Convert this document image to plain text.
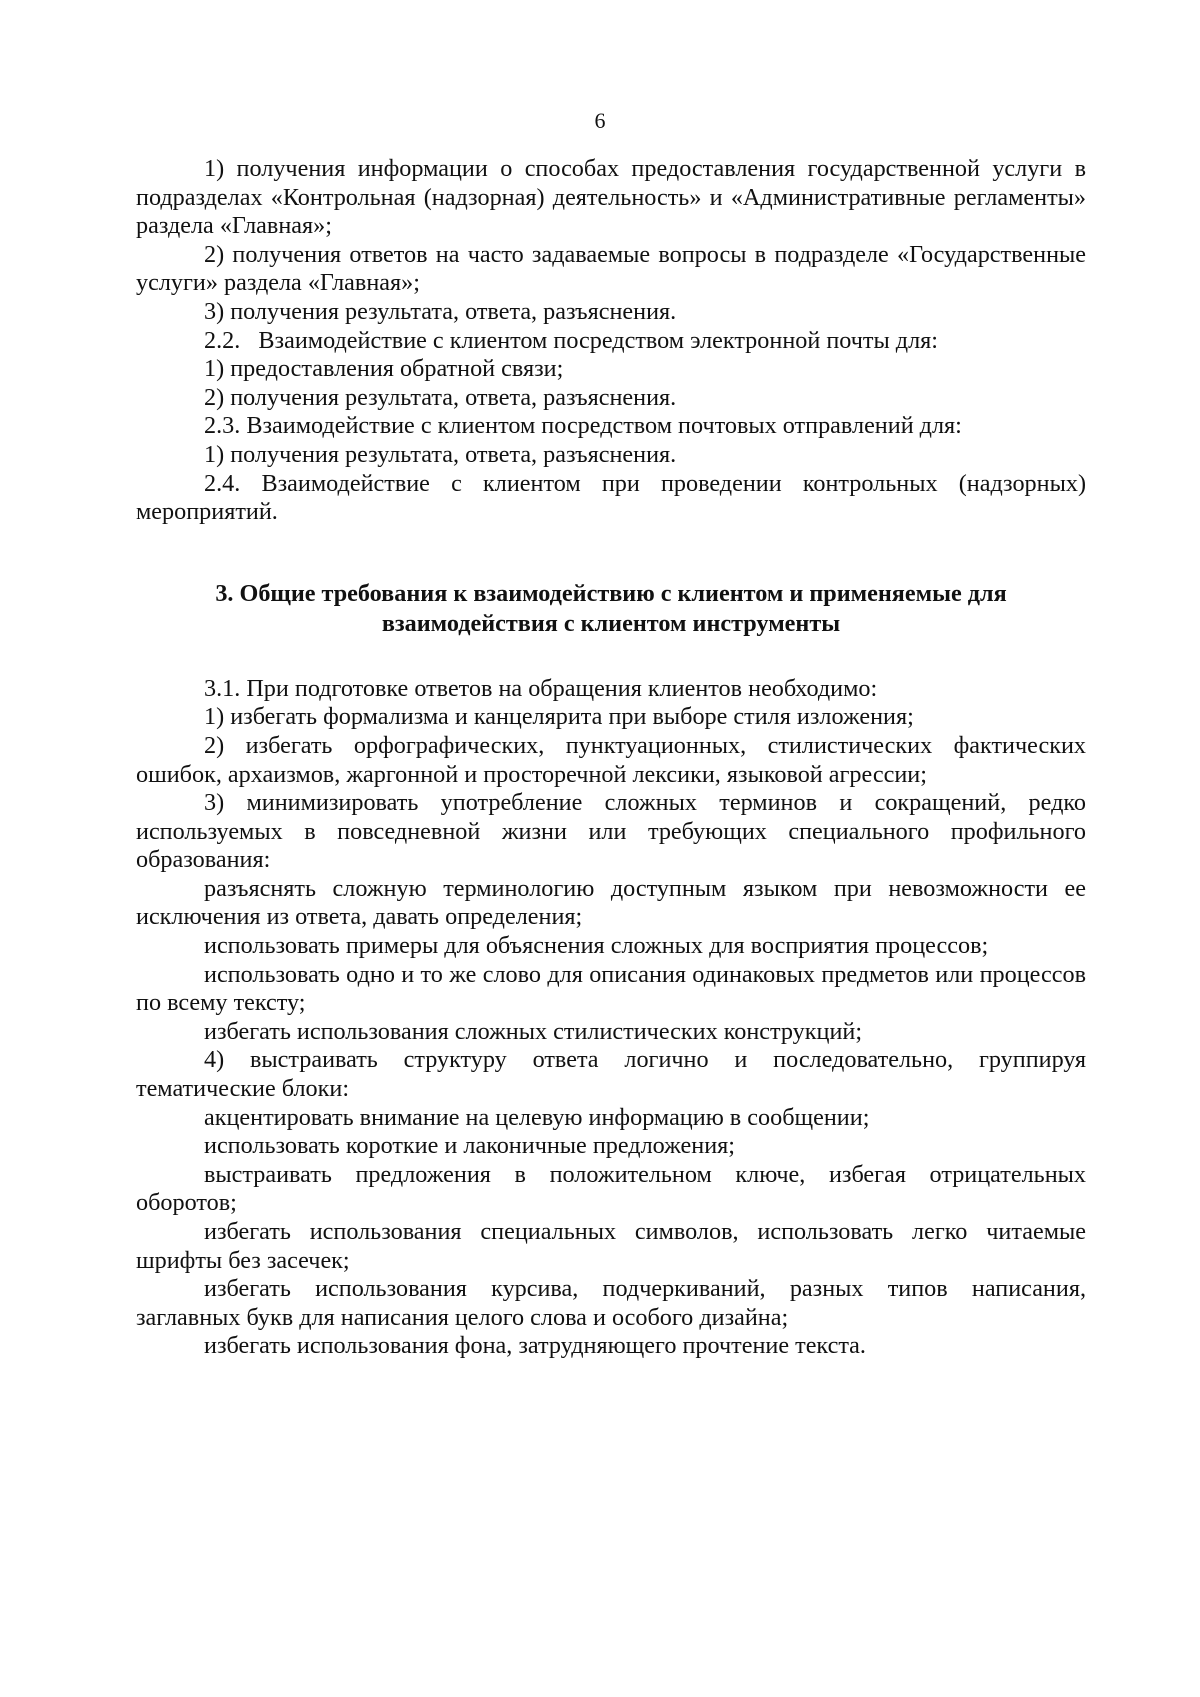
6

1) получения информации о способах предоставления государственной услуги в подразделах «Контрольная (надзорная) деятельность» и «Административные регламенты» раздела «Главная»;

2) получения ответов на часто задаваемые вопросы в подразделе «Государственные услуги» раздела «Главная»;

3) получения результата, ответа, разъяснения.

2.2.   Взаимодействие с клиентом посредством электронной почты для:

1) предоставления обратной связи;

2) получения результата, ответа, разъяснения.

2.3. Взаимодействие с клиентом посредством почтовых отправлений для:

1) получения результата, ответа, разъяснения.

2.4. Взаимодействие с клиентом при проведении контрольных (надзорных) мероприятий.

3. Общие требования к взаимодействию с клиентом и применяемые для
взаимодействия с клиентом инструменты

3.1. При подготовке ответов на обращения клиентов необходимо:

1) избегать формализма и канцелярита при выборе стиля изложения;

2) избегать орфографических, пунктуационных, стилистических фактических ошибок, архаизмов, жаргонной и просторечной лексики, языковой агрессии;

3) минимизировать употребление сложных терминов и сокращений, редко используемых в повседневной жизни или требующих специального профильного образования:

разъяснять сложную терминологию доступным языком при невозможности ее исключения из ответа, давать определения;

использовать примеры для объяснения сложных для восприятия процессов;

использовать одно и то же слово для описания одинаковых предметов или процессов по всему тексту;

избегать использования сложных стилистических конструкций;

4) выстраивать структуру ответа логично и последовательно, группируя тематические блоки:

акцентировать внимание на целевую информацию в сообщении;

использовать короткие и лаконичные предложения;

выстраивать предложения в положительном ключе, избегая отрицательных оборотов;

избегать использования специальных символов, использовать легко читаемые шрифты без засечек;

избегать использования курсива, подчеркиваний, разных типов написания, заглавных букв для написания целого слова и особого дизайна;

избегать использования фона, затрудняющего прочтение текста.
